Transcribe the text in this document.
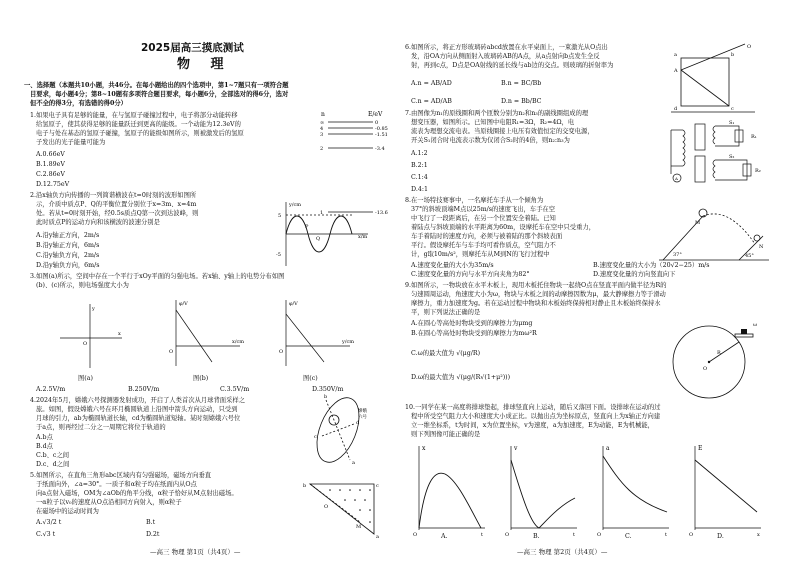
2025届高三摸底测试
物 理
一、选择题（本题共10小题，共46分。在每小题给出的四个选项中，第1~7题只有一项符合题
目要求，每小题4分；第8~10题有多项符合题目要求，每小题6分，全部选对的得6分，选对
但不全的得3分，有选错的得0分）
1.如果电子具有足够的能量，在与氢原子碰撞过程中，电子将部分动能转移
给氢原子，使其获得足够的能量跃迁到更高的能级。一个动能为12.3eV的
电子与处在基态的氢原子碰撞，氢原子的能级如图所示，则被激发后的氢原
子发出的光子能量可能为
A.0.66eV
B.1.89eV
C.2.86eV
D.12.75eV
n	E/eV
∞
4
3
2
1
0
-0.85
-1.51
-3.4
-13.6
2.沿x轴负方向传播的一列简谐横波在t=0时刻的波形如图所
示，介质中质点P、Q的平衡位置分别位于x=3m、x=4m
处。若从t=0时刻开始，经0.5s质点Q第一次到达波峰，则
此时质点P的运动方向和该横波的波速分别是
A.沿y轴正方向，2m/s
B.沿y轴正方向，6m/s
C.沿y轴负方向，2m/s
D.沿y轴负方向，6m/s
y/cm
5
-5
P
Q	x/m
3.如图(a)所示，空间中存在一个平行于xOy平面的匀强电场。若x轴、y轴上的电势分布如图
(b)、(c)所示，则电场强度大小为
y
x
O
φ/V
x/cm
O
φ/V
y/cm
O
图(a)	图(b)	图(c)
A.2.5V/m	B.250V/m	C.3.5V/m	D.350V/m
4.2024年5月，嫦娥六号探测器发射成功，开启了人类首次从月球背面采样之
旅。如图，假设嫦娥六号在环月椭圆轨道上沿图中箭头方向运动，只受到
月球的引力，ab为椭圆轨道长轴，cd为椭圆轨道短轴。某时刻嫦娥六号位
于a点，则再经过二分之一周期它将位于轨道的
A.b点
B.d点
C.b、c之间
D.c、d之间
b
a
c
d
嫦娥
六号
5.如图所示，在直角三角形abc区域内有匀强磁场，磁场方向垂直
于纸面向外，∠a=30°。一质子和α粒子均在纸面内从O点
向a点射入磁场，OM为∠aOb的角平分线，α粒子恰好从M点射出磁场。
一α粒子以v₀的速度从O点沿相同方向射入，则α粒子
在磁场中的运动时间为
A.√3/2 t	B.t
C.√3 t	D.2t
b	c
a
M
O
—高三 物理 第1页（共4页）—
6.如图所示，将正方形玻璃砖abcd放置在水平桌面上，一束激光从O点出
发，沿OA方向从侧面射入玻璃砖AB的A点，从a点射向b点发生全反
射，再到c点，D点是OA射线的延长线与ab边的交点。则玻璃的折射率为
A.n = AB/AD	B.n = BC/Bb
C.n = AD/AB	D.n = Bb/BC
O
A
a	b
c
d
7.由图像为n₁的原线圈和两个匝数分别为n₂和n₃的副线圈组成的理
想变压器，如图所示。已知图中电阻R₁=3Ω，R₂=4Ω，电
流表为理想交流电表。当原线圈接上电压有效值恒定的交变电源，
开关S₁闭合时电流表示数为仅闭合S₂时的4倍，则n₂:n₃为
A.1:2
B.2:1
C.1:4
D.4:1
A
S₁
S₂
R₁
R₂
8.在一场特技赛事中，一名摩托车手从一个倾角为
37°的斜坡顶端M点以25m/s的速度飞出，车手在空
中飞行了一段距离后，在另一个位置安全着陆。已知
着陆点与斜坡顶端的水平距离为60m，设摩托车在空中只受重力，
车手着陆时的速度方向，必须与被着陆的那个斜坡表面
平行。假设摩托车与车手均可看作质点，空气阻力不
计，g取10m/s²，则摩托车从M到N的飞行过程中
A.速度变化量的大小为35m/s	B.速度变化量的大小为（20√2−25）m/s
C.速度变化量的方向与水平方向夹角为82°	D.速度变化量的方向竖直向下
M
N
37°	45°
9.如图所示，一物块放在水平木板上，现用木板托住物块一起绕O点在竖直平面内做半径为R的
匀速圆周运动，角速度大小为ω，物块与木板之间的动摩擦因数为μ，最大静摩擦力等于滑动
摩擦力，重力加速度为g。若在运动过程中物块和木板始终保持相对静止且木板始终保持水
平，则下列说法正确的是
A.在圆心等高处时物块受到的摩擦力为μmg
B.在圆心等高处时物块受到的摩擦力为mω²R
C.ω的最大值为 √(μg/R)
D.ω的最大值为 √(μg/(R√(1+μ²)))
O
R
ω
10.一同学在某一高度将排球垫起，排球竖直向上运动，随后又落回下面。设排球在运动的过
程中所受空气阻力大小和速度大小成正比。以抛出点为坐标原点，竖直向上为x轴正方向建
立一维坐标系，t为时间，x为位置坐标，v为速度，a为加速度，E为动能，E为机械能，
则下列图像可能正确的是
x	v	a	E
O	t	O	t	O	t	O	x
A.	B.	C.	D.
—高三 物理 第2页（共4页）—
